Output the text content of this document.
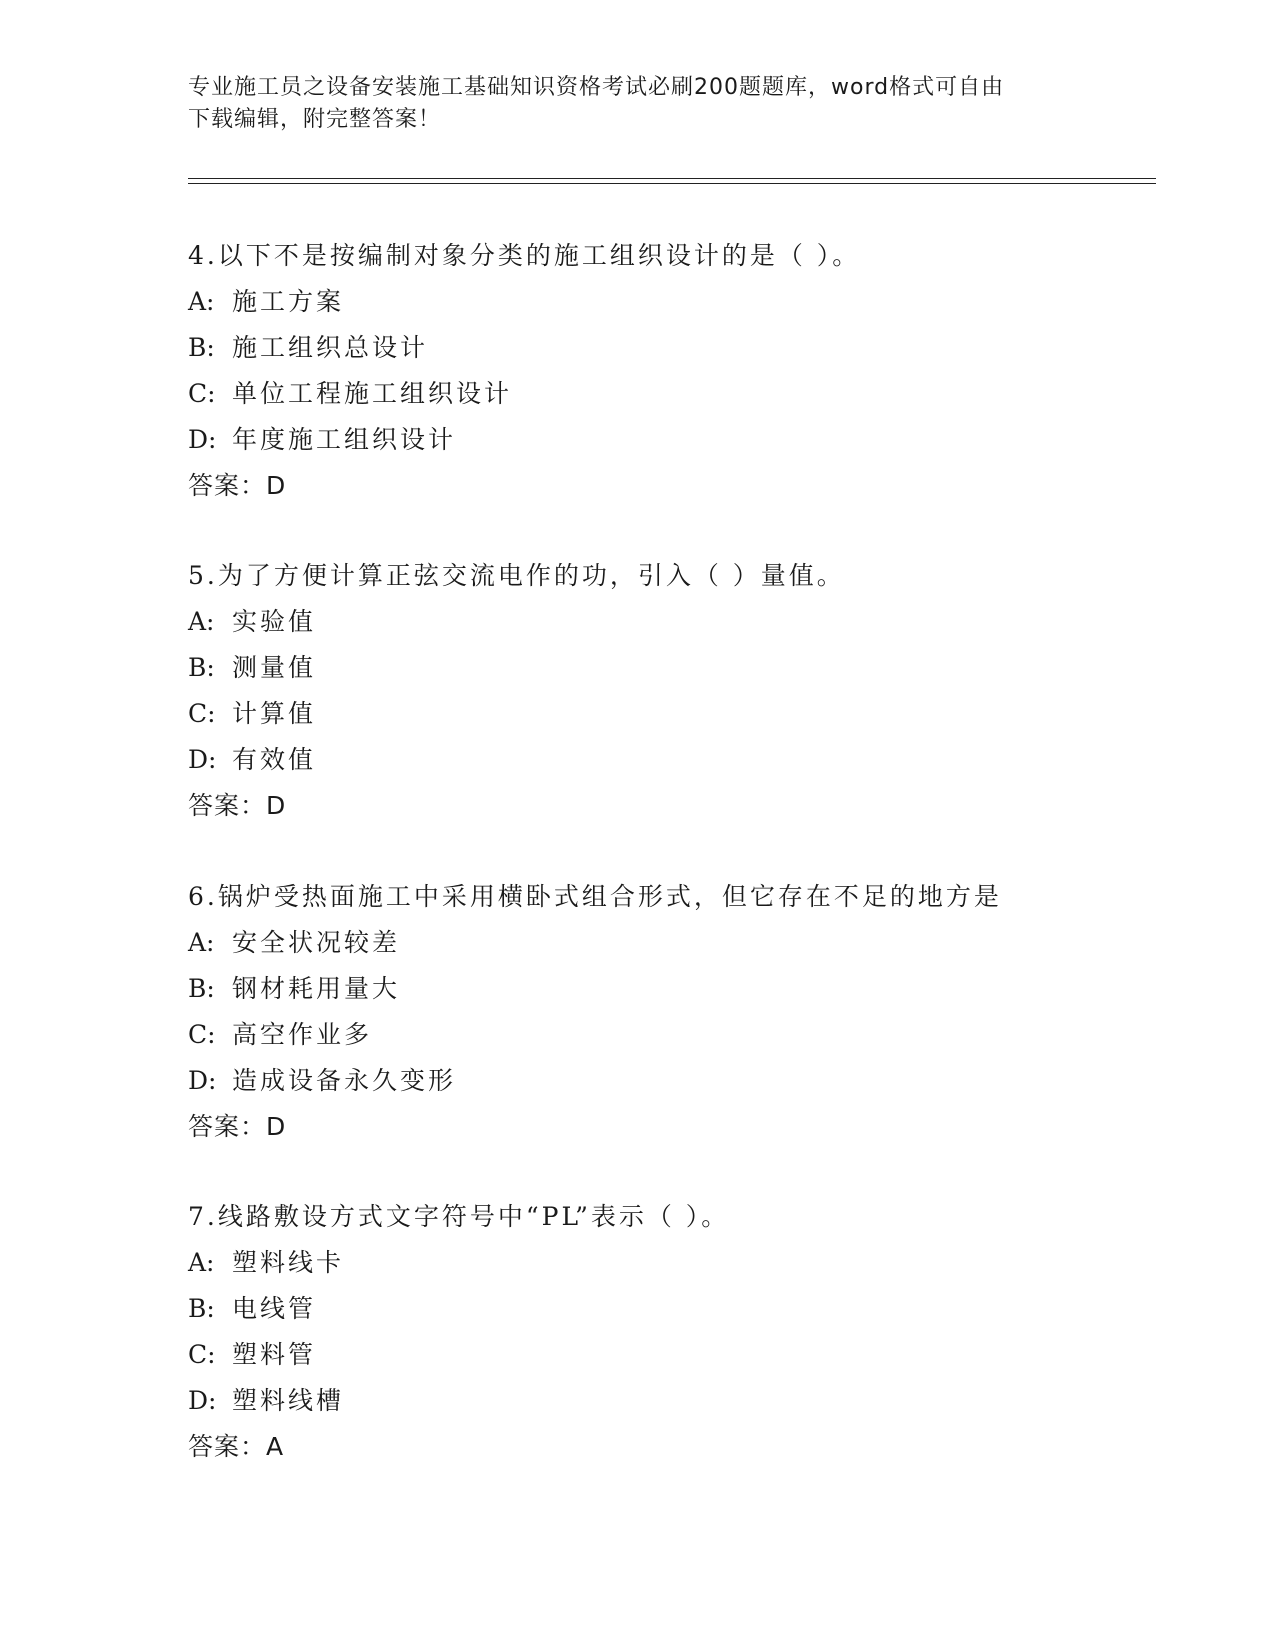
专业施工员之设备安装施工基础知识资格考试必刷200题题库，word格式可自由
下载编辑，附完整答案！

4.以下不是按编制对象分类的施工组织设计的是（ ）。

A: 施工方案

B: 施工组织总设计

C: 单位工程施工组织设计

D: 年度施工组织设计

答案：D

5.为了方便计算正弦交流电作的功，引入（ ）量值。

A: 实验值

B: 测量值

C: 计算值

D: 有效值

答案：D

6.锅炉受热面施工中采用横卧式组合形式，但它存在不足的地方是

A: 安全状况较差

B: 钢材耗用量大

C: 高空作业多

D: 造成设备永久变形

答案：D

7.线路敷设方式文字符号中“PL”表示（ ）。

A: 塑料线卡

B: 电线管

C: 塑料管

D: 塑料线槽

答案：A
